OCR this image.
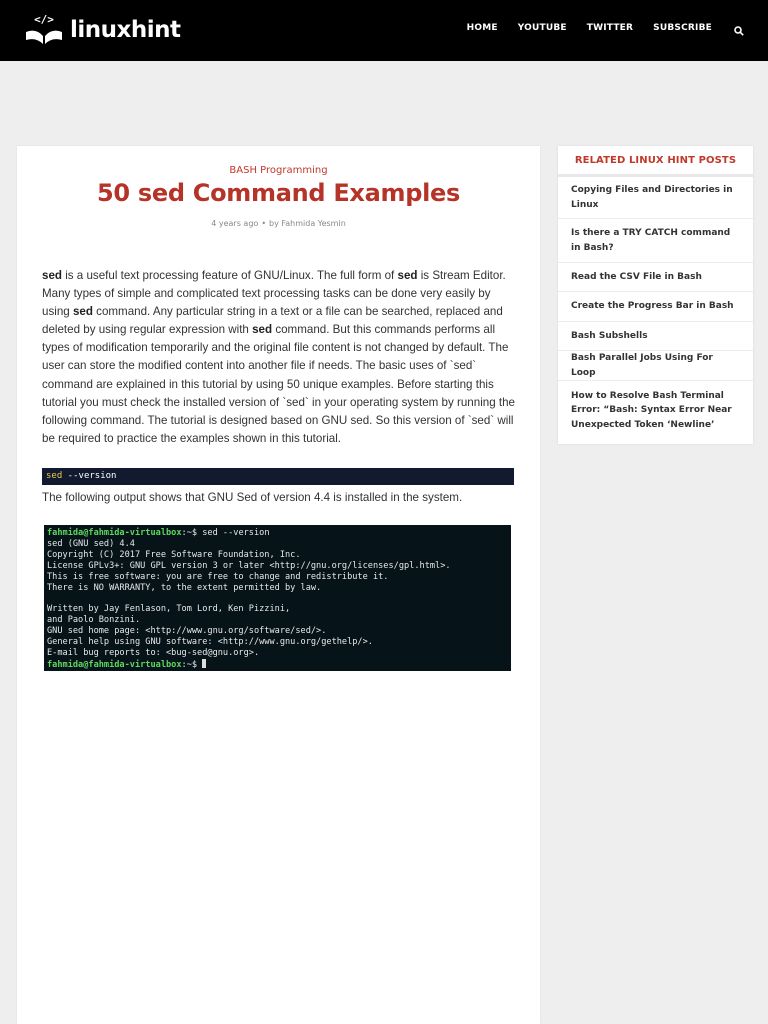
</> linuxhint	HOME YOUTUBE TWITTER SUBSCRIBE
BASH Programming
50 sed Command Examples
4 years ago • by Fahmida Yesmin
sed is a useful text processing feature of GNU/Linux. The full form of sed is Stream Editor. Many types of simple and complicated text processing tasks can be done very easily by using sed command. Any particular string in a text or a file can be searched, replaced and deleted by using regular expression with sed command. But this commands performs all types of modification temporarily and the original file content is not changed by default. The user can store the modified content into another file if needs. The basic uses of `sed` command are explained in this tutorial by using 50 unique examples. Before starting this tutorial you must check the installed version of `sed` in your operating system by running the following command. The tutorial is designed based on GNU sed. So this version of `sed` will be required to practice the examples shown in this tutorial.
sed --version
The following output shows that GNU Sed of version 4.4 is installed in the system.
fahmida@fahmida-virtualbox:~$ sed --version
sed (GNU sed) 4.4
Copyright (C) 2017 Free Software Foundation, Inc.
License GPLv3+: GNU GPL version 3 or later <http://gnu.org/licenses/gpl.html>.
This is free software: you are free to change and redistribute it.
There is NO WARRANTY, to the extent permitted by law.

Written by Jay Fenlason, Tom Lord, Ken Pizzini,
and Paolo Bonzini.
GNU sed home page: <http://www.gnu.org/software/sed/>.
General help using GNU software: <http://www.gnu.org/gethelp/>.
E-mail bug reports to: <bug-sed@gnu.org>.
fahmida@fahmida-virtualbox:~$
RELATED LINUX HINT POSTS
Copying Files and Directories in Linux
Is there a TRY CATCH command in Bash?
Read the CSV File in Bash
Create the Progress Bar in Bash
Bash Subshells
Bash Parallel Jobs Using For Loop
How to Resolve Bash Terminal Error: “Bash: Syntax Error Near Unexpected Token ‘Newline’
